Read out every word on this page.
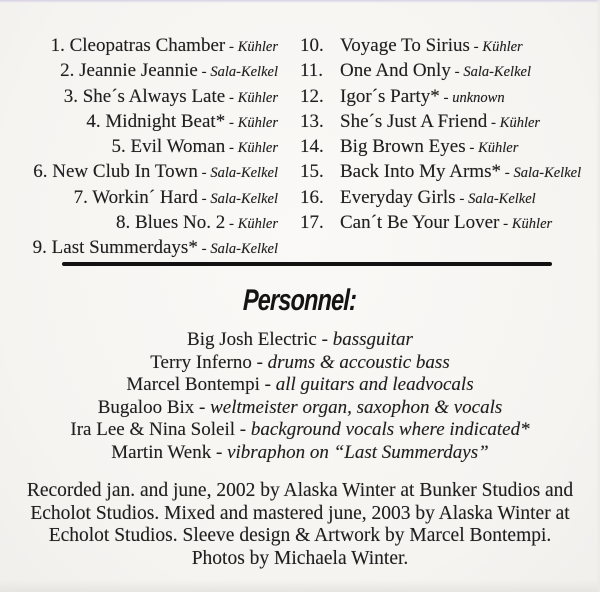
1. Cleopatras Chamber - Kühler
2. Jeannie Jeannie - Sala-Kelkel
3. She´s Always Late - Kühler
4. Midnight Beat* - Kühler
5. Evil Woman - Kühler
6. New Club In Town - Sala-Kelkel
7. Workin´ Hard - Sala-Kelkel
8. Blues No. 2 - Kühler
9. Last Summerdays* - Sala-Kelkel
10. Voyage To Sirius - Kühler
11. One And Only - Sala-Kelkel
12. Igor´s Party* - unknown
13. She´s Just A Friend - Kühler
14. Big Brown Eyes - Kühler
15. Back Into My Arms* - Sala-Kelkel
16. Everyday Girls - Sala-Kelkel
17. Can´t Be Your Lover - Kühler
Personnel:
Big Josh Electric - bassguitar
Terry Inferno - drums & accoustic bass
Marcel Bontempi - all guitars and leadvocals
Bugaloo Bix - weltmeister organ, saxophon & vocals
Ira Lee & Nina Soleil - background vocals where indicated*
Martin Wenk - vibraphon on “Last Summerdays”
Recorded jan. and june, 2002 by Alaska Winter at Bunker Studios and
Echolot Studios. Mixed and mastered june, 2003 by Alaska Winter at
Echolot Studios. Sleeve design & Artwork by Marcel Bontempi.
Photos by Michaela Winter.
